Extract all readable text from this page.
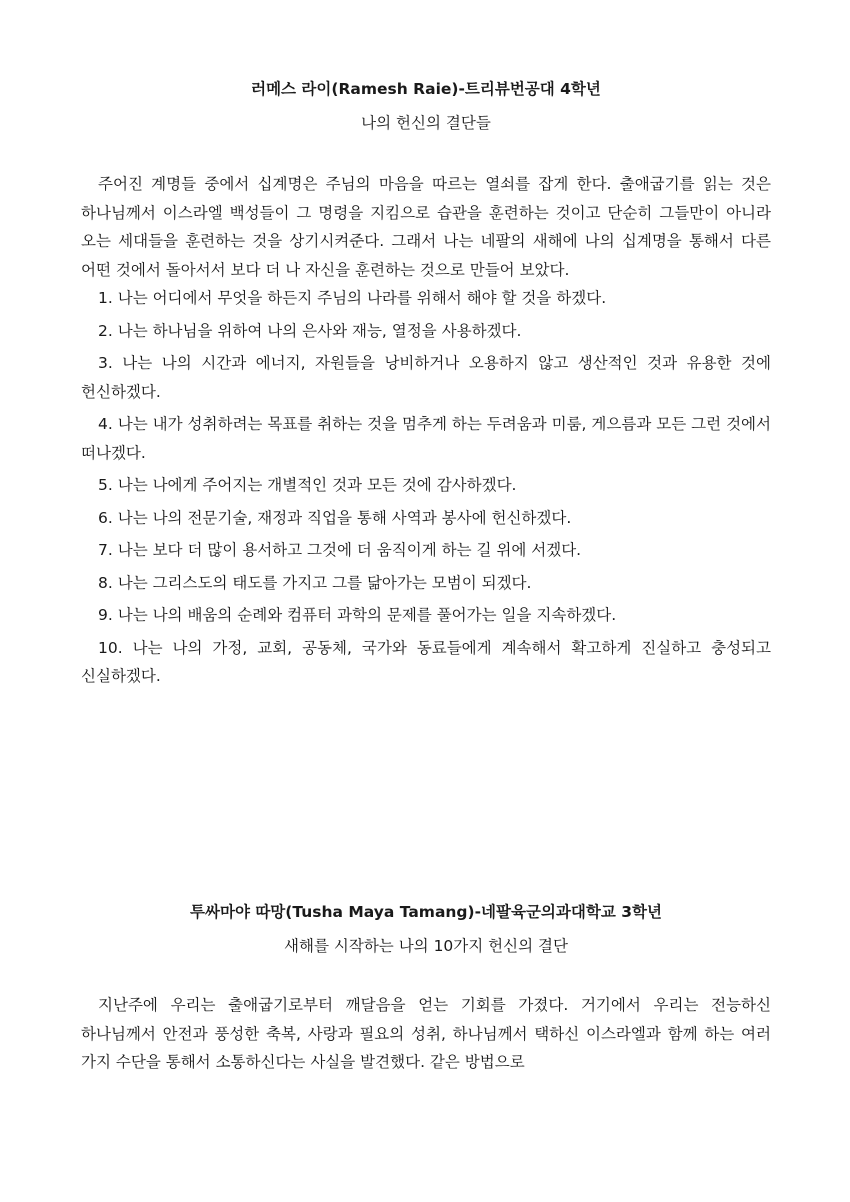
러메스 라이(Ramesh Raie)-트리뷰번공대 4학년

나의 헌신의 결단들

주어진 계명들 중에서 십계명은 주님의 마음을 따르는 열쇠를 잡게 한다. 출애굽기를 읽는 것은 하나님께서 이스라엘 백성들이 그 명령을 지킴으로 습관을 훈련하는 것이고 단순히 그들만이 아니라 오는 세대들을 훈련하는 것을 상기시켜준다. 그래서 나는 네팔의 새해에 나의 십계명을 통해서 다른 어떤 것에서 돌아서서 보다 더 나 자신을 훈련하는 것으로 만들어 보았다.

1. 나는 어디에서 무엇을 하든지 주님의 나라를 위해서 해야 할 것을 하겠다.
2. 나는 하나님을 위하여 나의 은사와 재능, 열정을 사용하겠다.
3. 나는 나의 시간과 에너지, 자원들을 낭비하거나 오용하지 않고 생산적인 것과 유용한 것에 헌신하겠다.
4. 나는 내가 성취하려는 목표를 취하는 것을 멈추게 하는 두려움과 미룸, 게으름과 모든 그런 것에서 떠나겠다.
5. 나는 나에게 주어지는 개별적인 것과 모든 것에 감사하겠다.
6. 나는 나의 전문기술, 재정과 직업을 통해 사역과 봉사에 헌신하겠다.
7. 나는 보다 더 많이 용서하고 그것에 더 움직이게 하는 길 위에 서겠다.
8. 나는 그리스도의 태도를 가지고 그를 닮아가는 모범이 되겠다.
9. 나는 나의 배움의 순례와 컴퓨터 과학의 문제를 풀어가는 일을 지속하겠다.
10. 나는 나의 가정, 교회, 공동체, 국가와 동료들에게 계속해서 확고하게 진실하고 충성되고 신실하겠다.

투싸마야 따망(Tusha Maya Tamang)-네팔육군의과대학교 3학년

새해를 시작하는 나의 10가지 헌신의 결단

지난주에 우리는 출애굽기로부터 깨달음을 얻는 기회를 가졌다. 거기에서 우리는 전능하신 하나님께서 안전과 풍성한 축복, 사랑과 필요의 성취, 하나님께서 택하신 이스라엘과 함께 하는 여러 가지 수단을 통해서 소통하신다는 사실을 발견했다. 같은 방법으로
